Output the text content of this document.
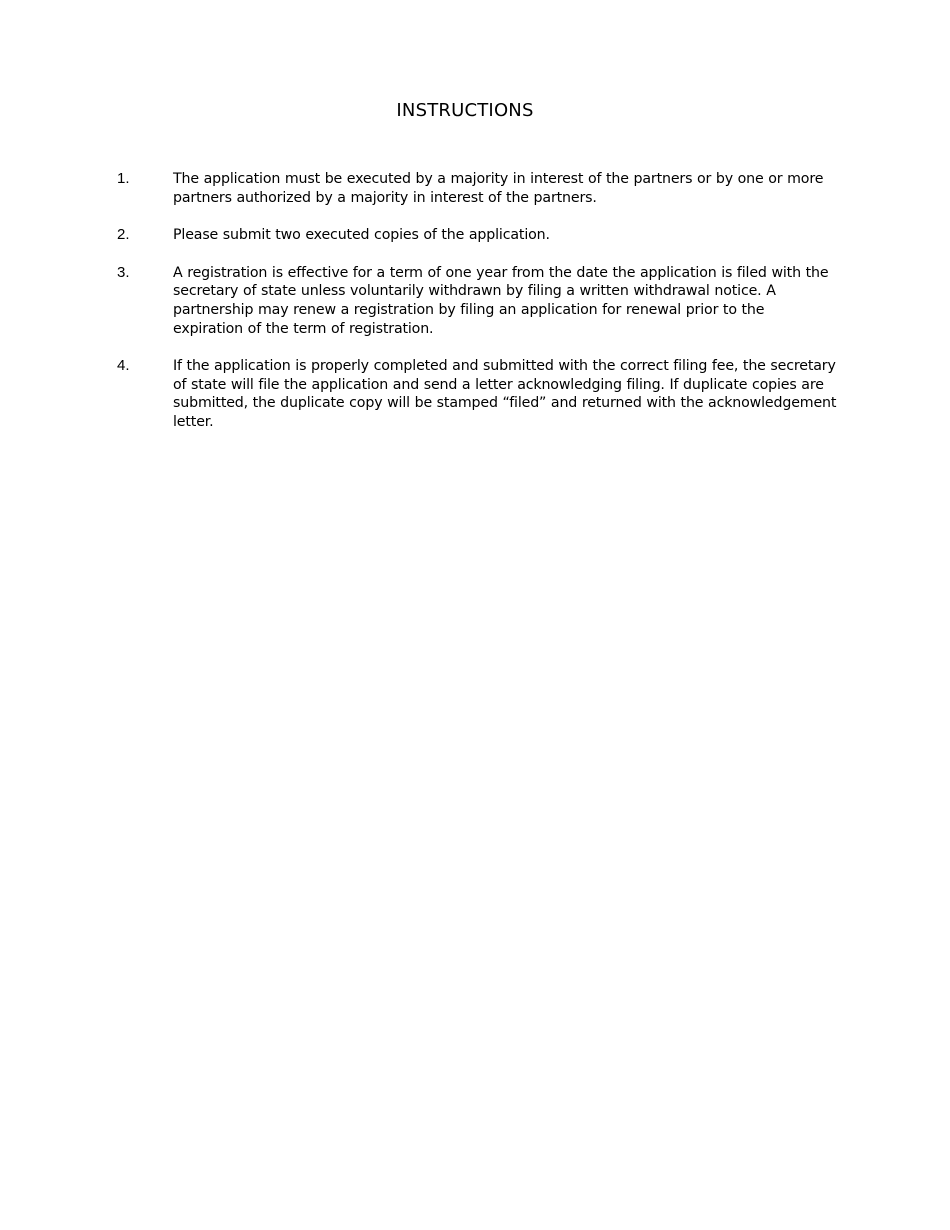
INSTRUCTIONS
1.	The application must be executed by a majority in interest of the partners or by one or more partners authorized by a majority in interest of the partners.
2.	Please submit two executed copies of the application.
3.	A registration is effective for a term of one year from the date the application is filed with the secretary of state unless voluntarily withdrawn by filing a written withdrawal notice. A partnership may renew a registration by filing an application for renewal prior to the expiration of the term of registration.
4.	If the application is properly completed and submitted with the correct filing fee, the secretary of state will file the application and send a letter acknowledging filing. If duplicate copies are submitted, the duplicate copy will be stamped “filed” and returned with the acknowledgement letter.
